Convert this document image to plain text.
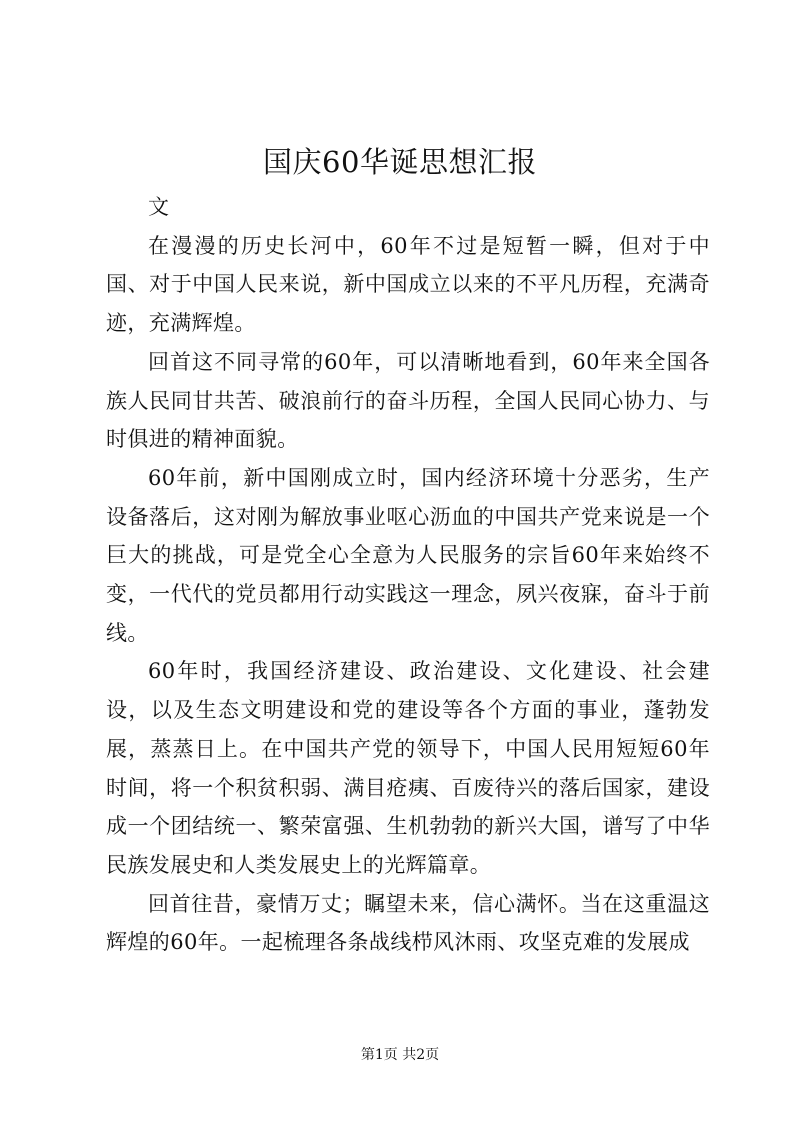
国庆60华诞思想汇报

文

在漫漫的历史长河中，60年不过是短暂一瞬，但对于中国、对于中国人民来说，新中国成立以来的不平凡历程，充满奇迹，充满辉煌。

回首这不同寻常的60年，可以清晰地看到，60年来全国各族人民同甘共苦、破浪前行的奋斗历程，全国人民同心协力、与时俱进的精神面貌。

60年前，新中国刚成立时，国内经济环境十分恶劣，生产设备落后，这对刚为解放事业呕心沥血的中国共产党来说是一个巨大的挑战，可是党全心全意为人民服务的宗旨60年来始终不变，一代代的党员都用行动实践这一理念，夙兴夜寐，奋斗于前线。

60年时，我国经济建设、政治建设、文化建设、社会建设，以及生态文明建设和党的建设等各个方面的事业，蓬勃发展，蒸蒸日上。在中国共产党的领导下，中国人民用短短60年时间，将一个积贫积弱、满目疮痍、百废待兴的落后国家，建设成一个团结统一、繁荣富强、生机勃勃的新兴大国，谱写了中华民族发展史和人类发展史上的光辉篇章。

回首往昔，豪情万丈；瞩望未来，信心满怀。当在这重温这辉煌的60年。一起梳理各条战线栉风沐雨、攻坚克难的发展成

第1页 共2页
